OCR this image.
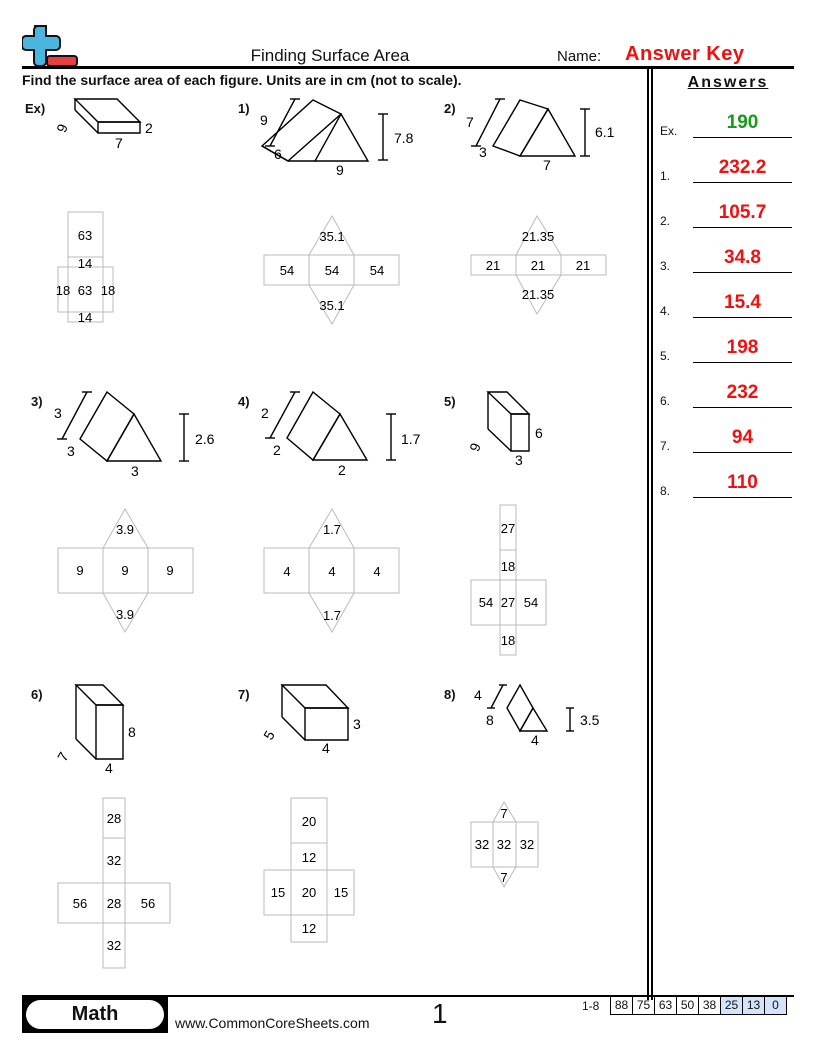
Finding Surface Area	Name: Answer Key
Find the surface area of each figure. Units are in cm (not to scale).	Answers
Ex.	190
1.	232.2
2.	105.7
3.	34.8
4.	15.4
5.	198
6.	232
7.	94
8.	110
Ex)
9	2
7
63
14
18 63 18
14
9
6
9
7.8
35.1
54 54 54
35.1
7
3
7
6.1
21.35
21 21 21
21.35
3
3
3
2.6
3.9
9	9	9
3.9
2
2
2
1.7
1.7
4	4	4
1.7
9
6
3
27
18
54 27 54
18
7
8
4
28
32
56 28 56
32
5
3
4
20
12
15 20 15
12
4
8
4
3.5
7
32 32 32
7
1)	2)
3)	4)	5)
6)	7)	8)
Math	www.CommonCoreSheets.com 1	1-8	88 75 63 50 38 25 13 0
